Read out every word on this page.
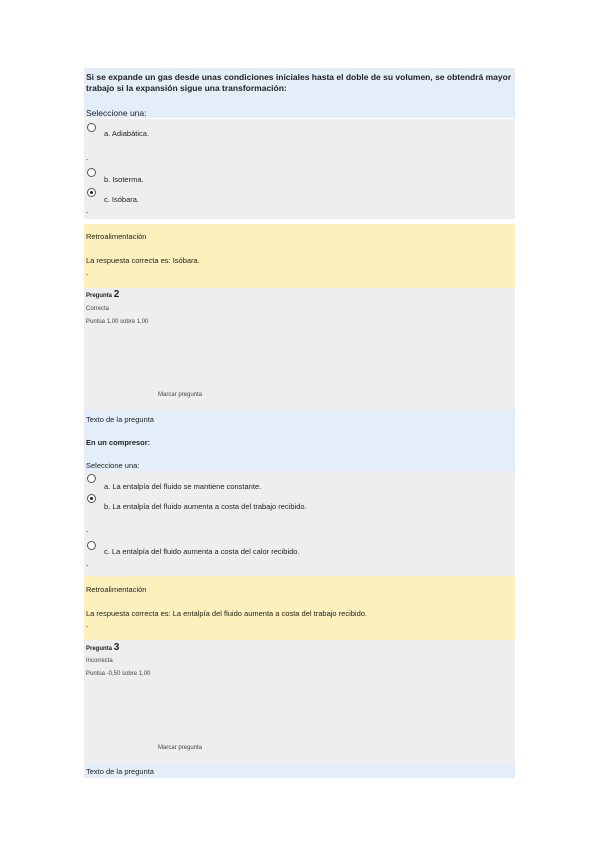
Si se expande un gas desde unas condiciones iniciales hasta el doble de su volumen, se obtendrá mayor trabajo si la expansión sigue una transformación:
Seleccione una:
a. Adiabática.
-
b. Isoterma.
c. Isóbara.
-
Retroalimentación
La respuesta correcta es: Isóbara.
-
Pregunta 2
Correcta
Puntúa 1,00 sobre 1,00
Marcar pregunta
Texto de la pregunta
En un compresor:
Seleccione una:
a. La entalpía del fluido se mantiene constante.
b. La entalpía del fluido aumenta a costa del trabajo recibido.
-
c. La entalpía del fluido aumenta a costa del calor recibido.
-
Retroalimentación
La respuesta correcta es: La entalpía del fluido aumenta a costa del trabajo recibido.
-
Pregunta 3
Incorrecta
Puntúa -0,50 sobre 1,00
Marcar pregunta
Texto de la pregunta
